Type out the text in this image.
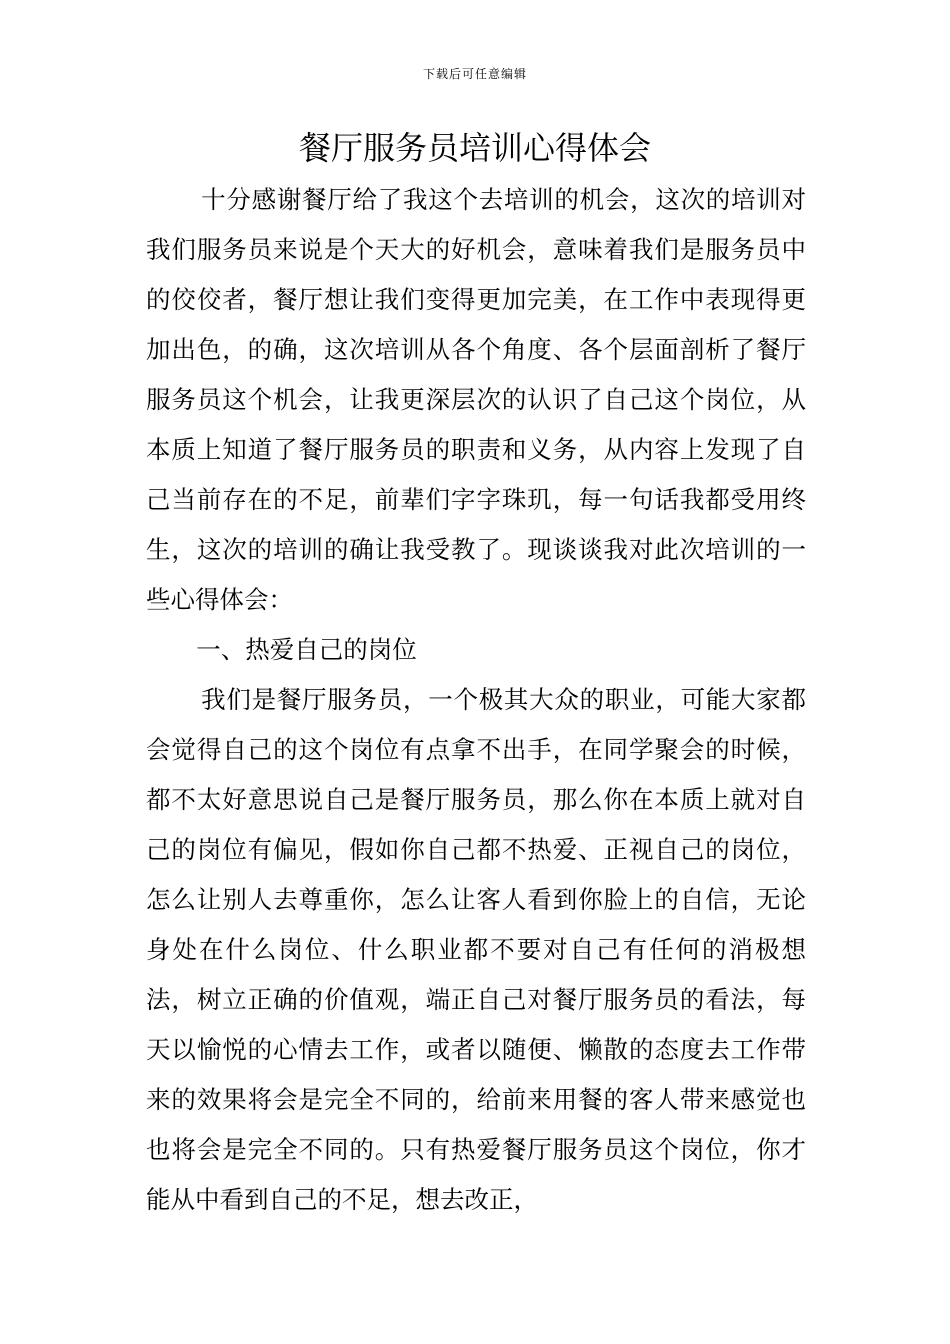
下载后可任意编辑
餐厅服务员培训心得体会

十分感谢餐厅给了我这个去培训的机会，这次的培训对我们服务员来说是个天大的好机会，意味着我们是服务员中的佼佼者，餐厅想让我们变得更加完美，在工作中表现得更加出色，的确，这次培训从各个角度、各个层面剖析了餐厅服务员这个机会，让我更深层次的认识了自己这个岗位，从本质上知道了餐厅服务员的职责和义务，从内容上发现了自己当前存在的不足，前辈们字字珠玑，每一句话我都受用终生，这次的培训的确让我受教了。现谈谈我对此次培训的一些心得体会：

一、热爱自己的岗位

我们是餐厅服务员，一个极其大众的职业，可能大家都会觉得自己的这个岗位有点拿不出手，在同学聚会的时候，都不太好意思说自己是餐厅服务员，那么你在本质上就对自己的岗位有偏见，假如你自己都不热爱、正视自己的岗位，怎么让别人去尊重你，怎么让客人看到你脸上的自信，无论身处在什么岗位、什么职业都不要对自己有任何的消极想法，树立正确的价值观，端正自己对餐厅服务员的看法，每天以愉悦的心情去工作，或者以随便、懒散的态度去工作带来的效果将会是完全不同的，给前来用餐的客人带来感觉也也将会是完全不同的。只有热爱餐厅服务员这个岗位，你才能从中看到自己的不足，想去改正，
